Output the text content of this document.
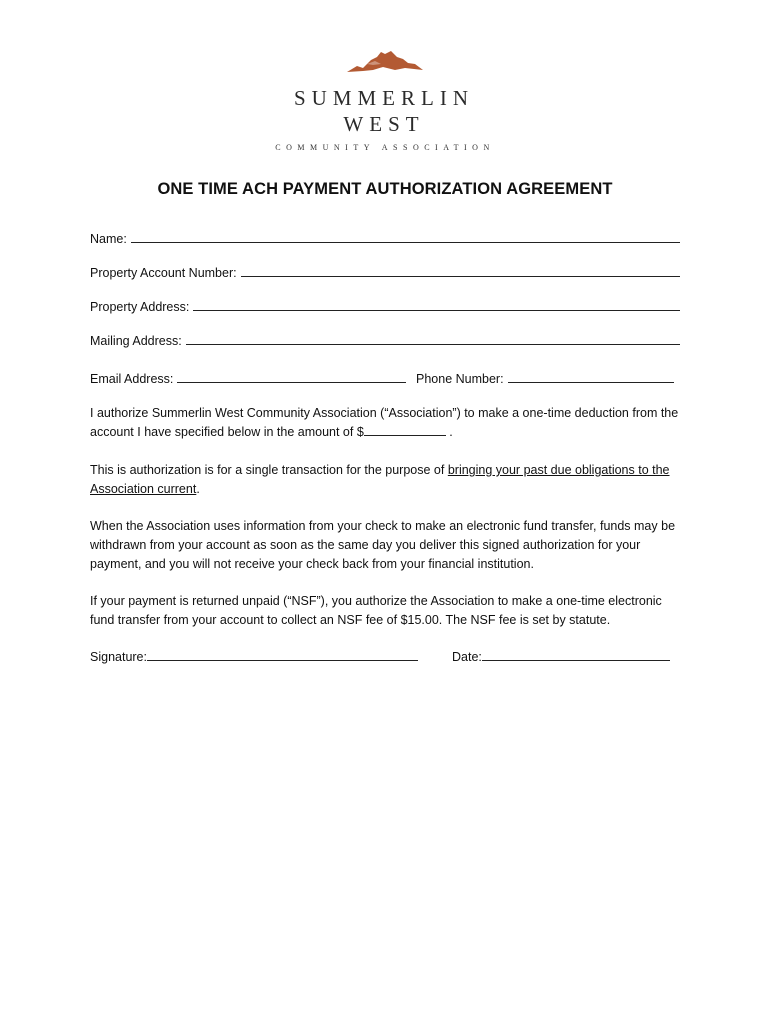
SUMMERLIN
WEST
COMMUNITY ASSOCIATION
ONE TIME ACH PAYMENT AUTHORIZATION AGREEMENT
Name:
Property Account Number:
Property Address:
Mailing Address:
Email Address:	Phone Number:

I authorize Summerlin West Community Association (“Association”) to make a one-time deduction from the account I have specified below in the amount of $	.

This is authorization is for a single transaction for the purpose of bringing your past due obligations to the Association current.

When the Association uses information from your check to make an electronic fund transfer, funds may be withdrawn from your account as soon as the same day you deliver this signed authorization for your payment, and you will not receive your check back from your financial institution.

If your payment is returned unpaid (“NSF”), you authorize the Association to make a one-time electronic fund transfer from your account to collect an NSF fee of $15.00. The NSF fee is set by statute.

Signature:	Date:
